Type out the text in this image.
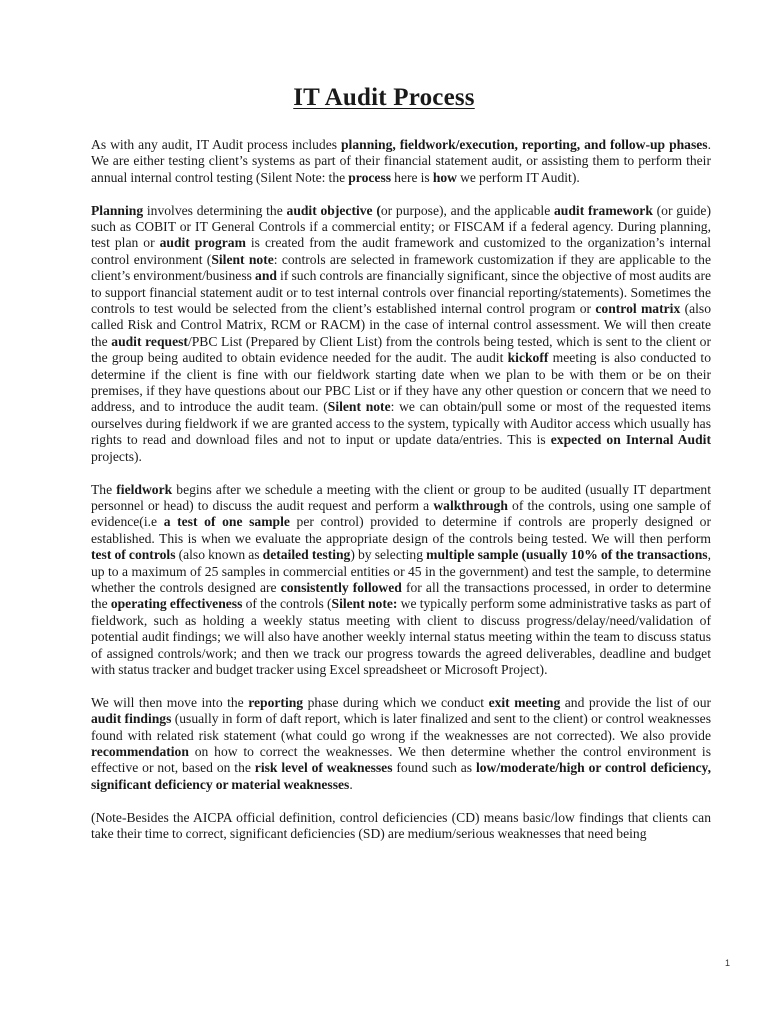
IT Audit Process

As with any audit, IT Audit process includes planning, fieldwork/execution, reporting, and follow-up phases. We are either testing client’s systems as part of their financial statement audit, or assisting them to perform their annual internal control testing (Silent Note: the process here is how we perform IT Audit).

Planning involves determining the audit objective (or purpose), and the applicable audit framework (or guide) such as COBIT or IT General Controls if a commercial entity; or FISCAM if a federal agency. During planning, test plan or audit program is created from the audit framework and customized to the organization’s internal control environment (Silent note: controls are selected in framework customization if they are applicable to the client’s environment/business and if such controls are financially significant, since the objective of most audits are to support financial statement audit or to test internal controls over financial reporting/statements). Sometimes the controls to test would be selected from the client’s established internal control program or control matrix (also called Risk and Control Matrix, RCM or RACM) in the case of internal control assessment. We will then create the audit request/PBC List (Prepared by Client List) from the controls being tested, which is sent to the client or the group being audited to obtain evidence needed for the audit. The audit kickoff meeting is also conducted to determine if the client is fine with our fieldwork starting date when we plan to be with them or be on their premises, if they have questions about our PBC List or if they have any other question or concern that we need to address, and to introduce the audit team. (Silent note: we can obtain/pull some or most of the requested items ourselves during fieldwork if we are granted access to the system, typically with Auditor access which usually has rights to read and download files and not to input or update data/entries. This is expected on Internal Audit projects).

The fieldwork begins after we schedule a meeting with the client or group to be audited (usually IT department personnel or head) to discuss the audit request and perform a walkthrough of the controls, using one sample of evidence(i.e a test of one sample per control) provided to determine if controls are properly designed or established. This is when we evaluate the appropriate design of the controls being tested. We will then perform test of controls (also known as detailed testing) by selecting multiple sample (usually 10% of the transactions, up to a maximum of 25 samples in commercial entities or 45 in the government) and test the sample, to determine whether the controls designed are consistently followed for all the transactions processed, in order to determine the operating effectiveness of the controls (Silent note: we typically perform some administrative tasks as part of fieldwork, such as holding a weekly status meeting with client to discuss progress/delay/need/validation of potential audit findings; we will also have another weekly internal status meeting within the team to discuss status of assigned controls/work; and then we track our progress towards the agreed deliverables, deadline and budget with status tracker and budget tracker using Excel spreadsheet or Microsoft Project).

We will then move into the reporting phase during which we conduct exit meeting and provide the list of our audit findings (usually in form of daft report, which is later finalized and sent to the client) or control weaknesses found with related risk statement (what could go wrong if the weaknesses are not corrected). We also provide recommendation on how to correct the weaknesses. We then determine whether the control environment is effective or not, based on the risk level of weaknesses found such as low/moderate/high or control deficiency, significant deficiency or material weaknesses.

(Note-Besides the AICPA official definition, control deficiencies (CD) means basic/low findings that clients can take their time to correct, significant deficiencies (SD) are medium/serious weaknesses that need being

1
